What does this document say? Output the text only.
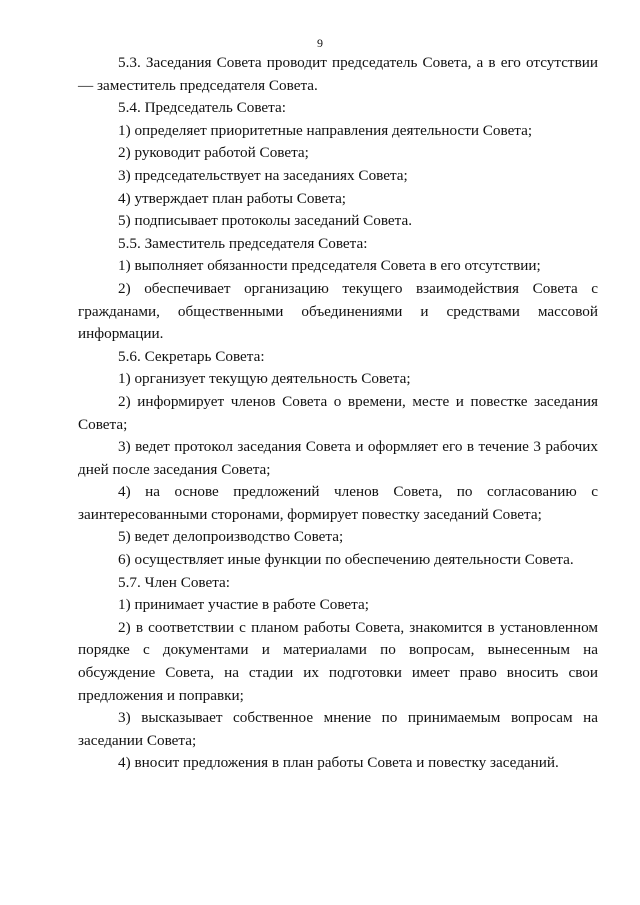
9

5.3. Заседания Совета проводит председатель Совета, а в его отсутствии — заместитель председателя Совета.

5.4. Председатель Совета:

1) определяет приоритетные направления деятельности Совета;

2) руководит работой Совета;

3) председательствует на заседаниях Совета;

4) утверждает план работы Совета;

5) подписывает протоколы заседаний Совета.

5.5. Заместитель председателя Совета:

1) выполняет обязанности председателя Совета в его отсутствии;

2) обеспечивает организацию текущего взаимодействия Совета с гражданами, общественными объединениями и средствами массовой информации.

5.6. Секретарь Совета:

1) организует текущую деятельность Совета;

2) информирует членов Совета о времени, месте и повестке заседания Совета;

3) ведет протокол заседания Совета и оформляет его в течение 3 рабочих дней после заседания Совета;

4) на основе предложений членов Совета, по согласованию с заинтересованными сторонами, формирует повестку заседаний Совета;

5) ведет делопроизводство Совета;

6) осуществляет иные функции по обеспечению деятельности Совета.

5.7. Член Совета:

1) принимает участие в работе Совета;

2) в соответствии с планом работы Совета, знакомится в установленном порядке с документами и материалами по вопросам, вынесенным на обсуждение Совета, на стадии их подготовки имеет право вносить свои предложения и поправки;

3) высказывает собственное мнение по принимаемым вопросам на заседании Совета;

4) вносит предложения в план работы Совета и повестку заседаний.
